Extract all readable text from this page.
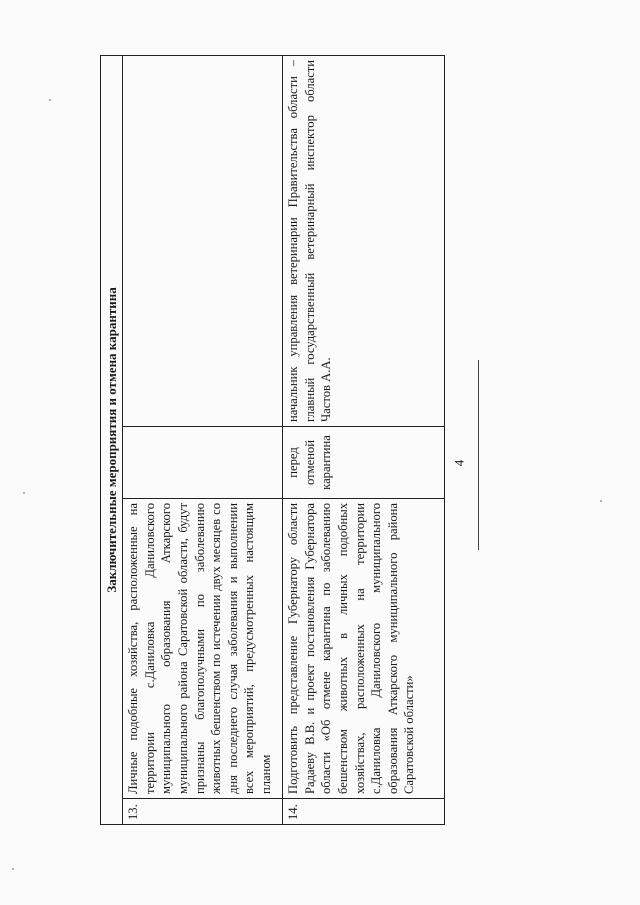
4
Заключительные мероприятия и отмена карантина			
13.	Личные подобные хозяйства, расположенные на территории с.Даниловка Даниловского муниципального образования Аткарского муниципального района Саратовской области, будут признаны благополучными по заболеванию животных бешенством по истечении двух месяцев со дня последнего случая заболевания и выполнении всех мероприятий, предусмотренных настоящим планом		
14.	Подготовить представление Губернатору области Радаеву В.В. и проект постановления Губернатора области «Об отмене карантина по заболеванию бешенством животных в личных подобных хозяйствах, расположенных на территории с.Даниловка Даниловского муниципального образования Аткарского муниципального района Саратовской области»	перед отменой карантина	начальник управления ветеринарии Правительства области – главный государственный ветеринарный инспектор области Частов А.А.
